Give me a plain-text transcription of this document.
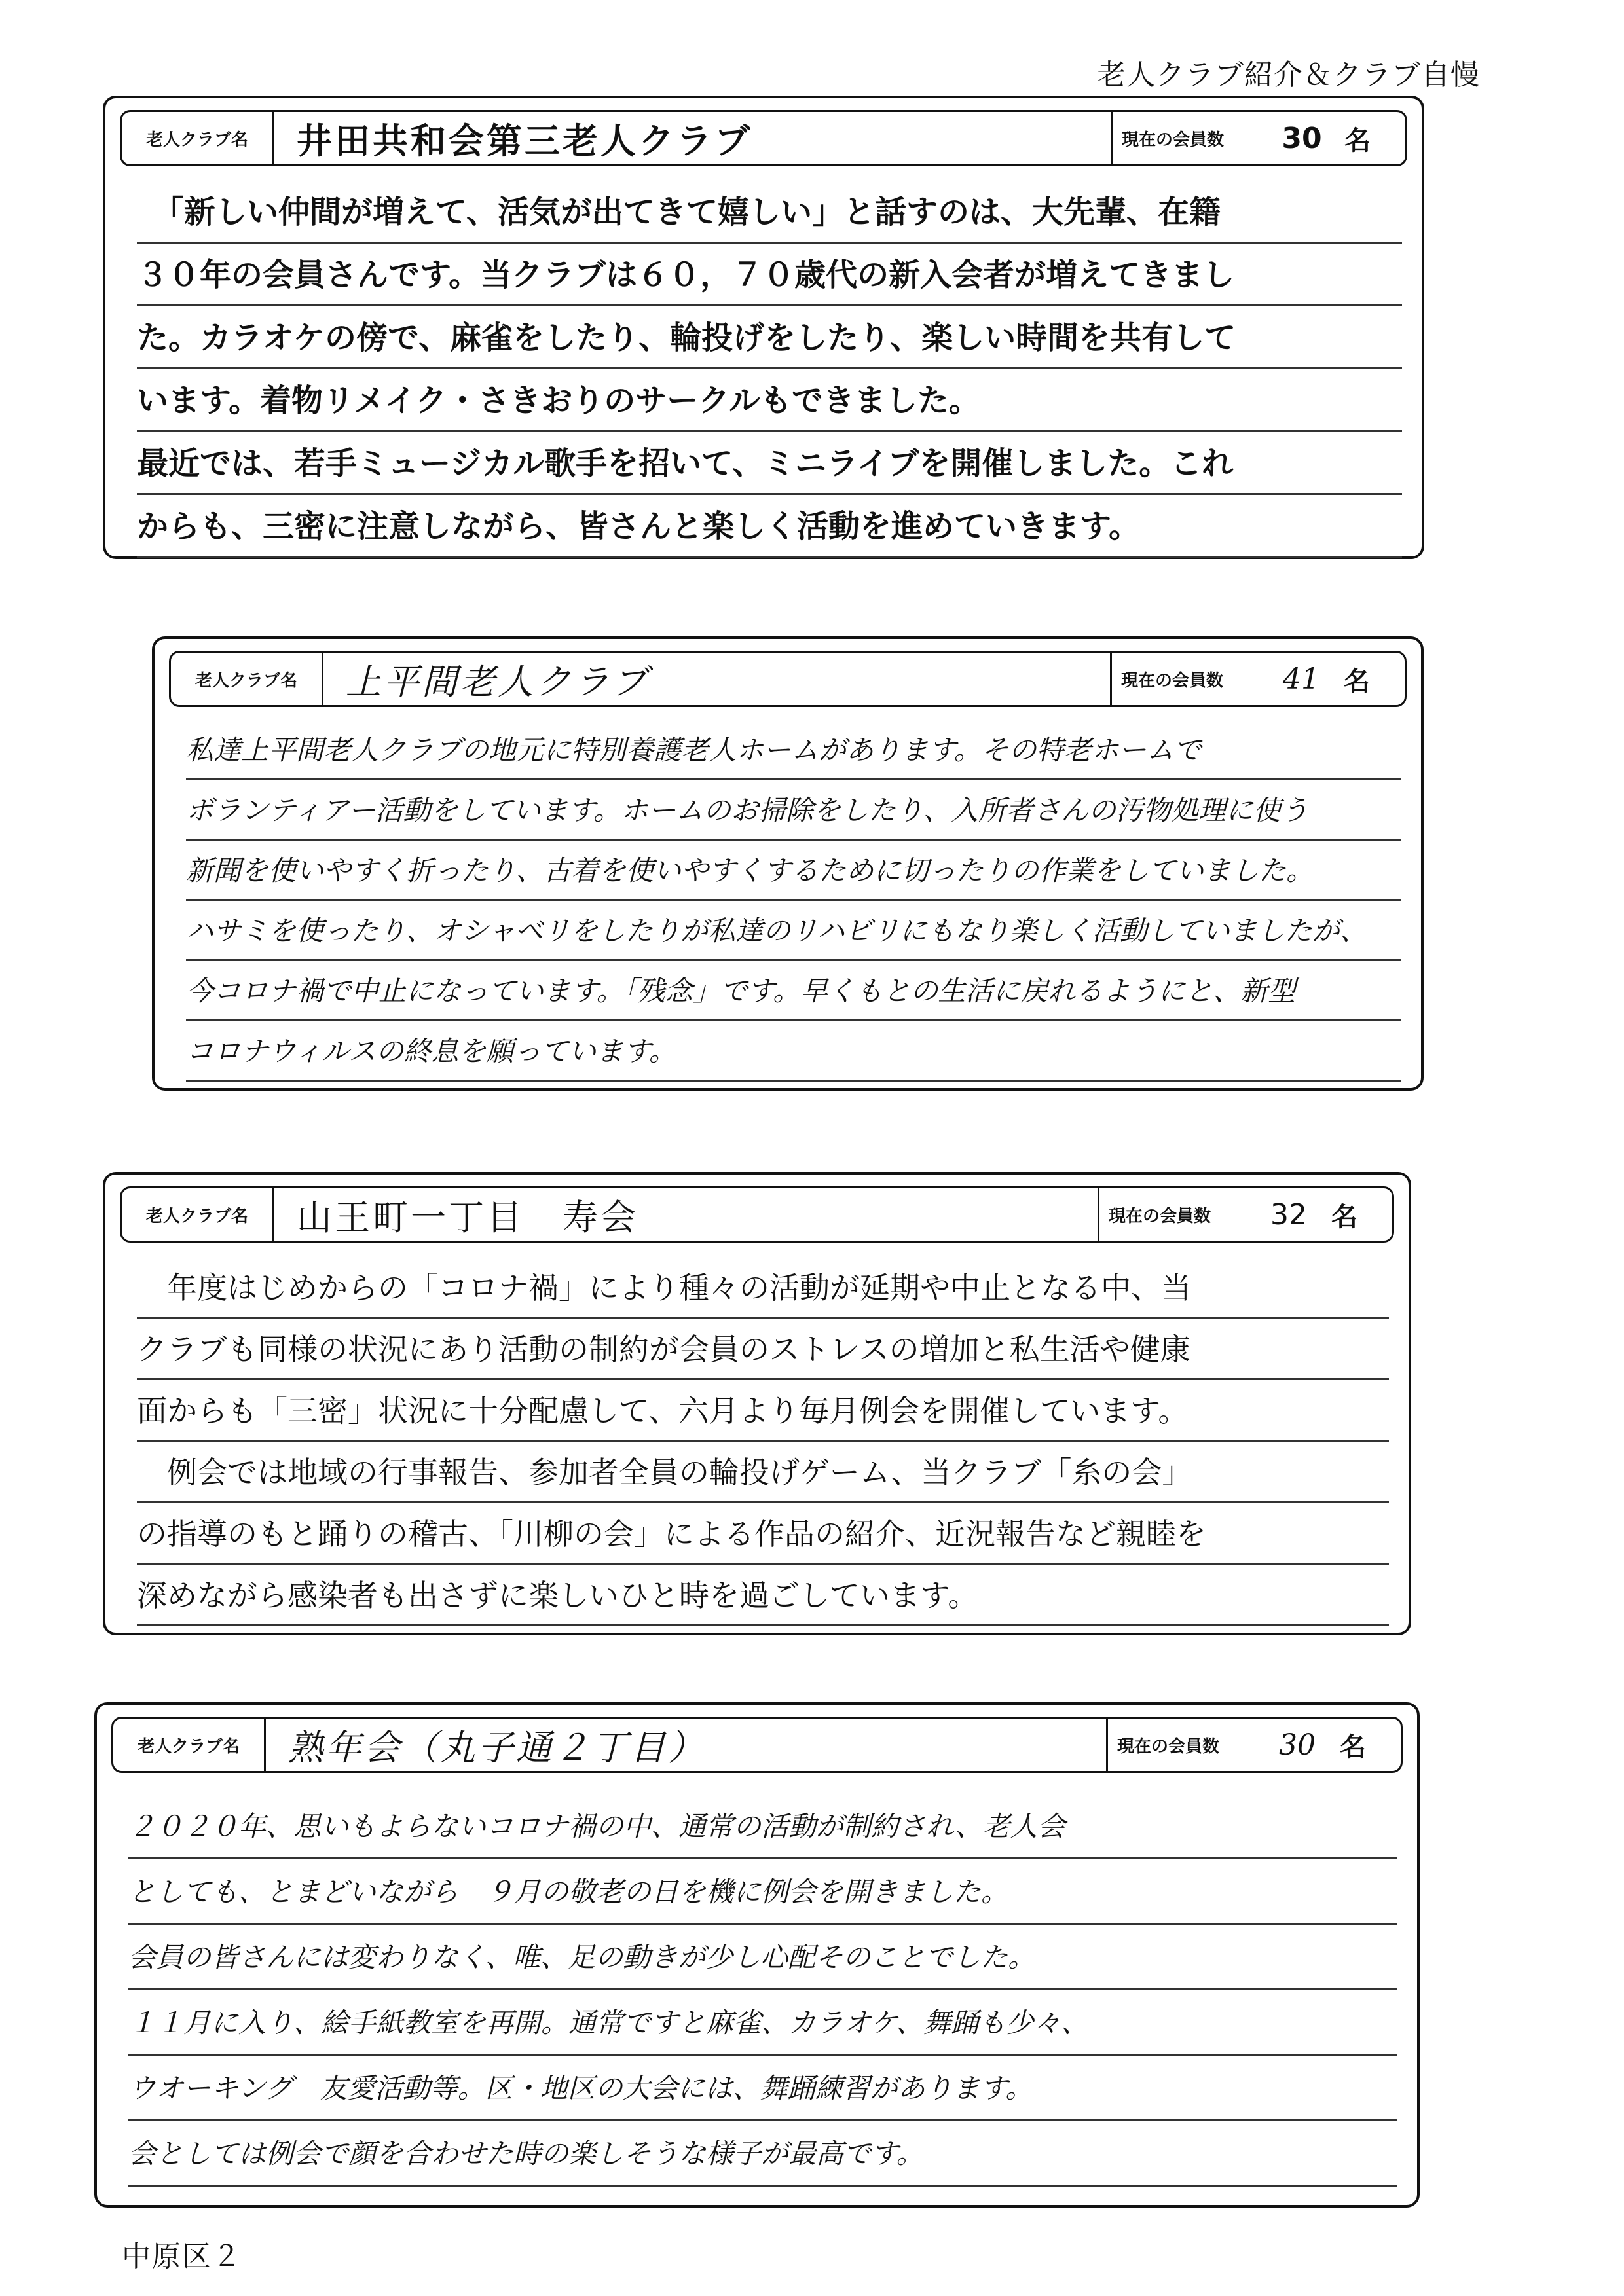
老人クラブ紹介＆クラブ自慢
老人クラブ名	井田共和会第三老人クラブ	現在の会員数	30 名
　「新しい仲間が増えて、活気が出てきて嬉しい」と話すのは、大先輩、在籍
３０年の会員さんです。当クラブは６０，７０歳代の新入会者が増えてきまし
た。カラオケの傍で、麻雀をしたり、輪投げをしたり、楽しい時間を共有して
います。着物リメイク・さきおりのサークルもできました。
最近では、若手ミュージカル歌手を招いて、ミニライブを開催しました。これ
からも、三密に注意しながら、皆さんと楽しく活動を進めていきます。
老人クラブ名	上平間老人クラブ	現在の会員数	41 名
私達上平間老人クラブの地元に特別養護老人ホームがあります。その特老ホームで
ボランティアー活動をしています。ホームのお掃除をしたり、入所者さんの汚物処理に使う
新聞を使いやすく折ったり、古着を使いやすくするために切ったりの作業をしていました。
ハサミを使ったり、オシャベリをしたりが私達のリハビリにもなり楽しく活動していましたが、
今コロナ禍で中止になっています。「残念」です。早くもとの生活に戻れるようにと、新型
コロナウィルスの終息を願っています。
老人クラブ名	山王町一丁目　寿会	現在の会員数	32 名
　年度はじめからの「コロナ禍」により種々の活動が延期や中止となる中、当
クラブも同様の状況にあり活動の制約が会員のストレスの増加と私生活や健康
面からも「三密」状況に十分配慮して、六月より毎月例会を開催しています。
　例会では地域の行事報告、参加者全員の輪投げゲーム、当クラブ「糸の会」
の指導のもと踊りの稽古、「川柳の会」による作品の紹介、近況報告など親睦を
深めながら感染者も出さずに楽しいひと時を過ごしています。
老人クラブ名	熟年会（丸子通２丁目）	現在の会員数	30 名
２０２０年、思いもよらないコロナ禍の中、通常の活動が制約され、老人会
としても、とまどいながら　９月の敬老の日を機に例会を開きました。
会員の皆さんには変わりなく、唯、足の動きが少し心配そのことでした。
１１月に入り、絵手紙教室を再開。通常ですと麻雀、カラオケ、舞踊も少々、
ウオーキング　友愛活動等。区・地区の大会には、舞踊練習があります。
会としては例会で顔を合わせた時の楽しそうな様子が最高です。
中原区２
